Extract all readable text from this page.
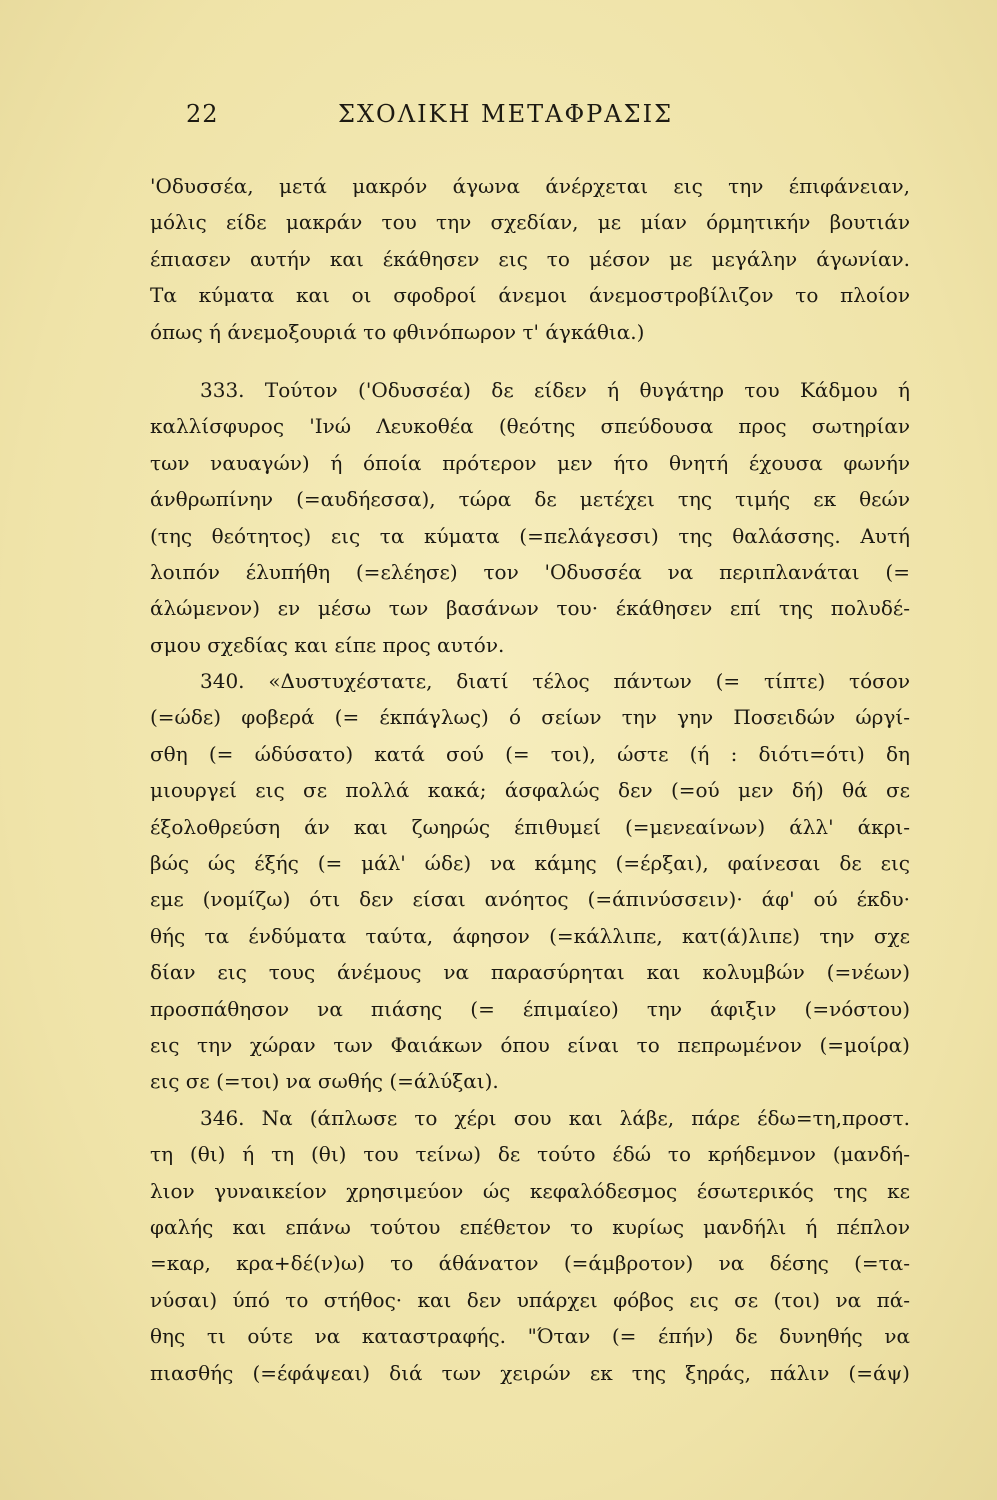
22	ΣΧΟΛΙΚΗ ΜΕΤΑΦΡΑΣΙΣ
'Οδυσσέα, μετά μακρόν άγωνα άνέρχεται εις την έπιφάνειαν,
μόλις είδε μακράν του την σχεδίαν, με μίαν όρμητικήν βουτιάν
έπιασεν αυτήν και έκάθησεν εις το μέσον με μεγάλην άγωνίαν.
Τα κύματα και οι σφοδροί άνεμοι άνεμοστροβίλιζον το πλοίον
όπως ή άνεμοξουριά το φθινόπωρον τ' άγκάθια.)
333. Τούτον ('Οδυσσέα) δε είδεν ή θυγάτηρ του Κάδμου ή
καλλίσφυρος 'Ινώ Λευκοθέα (θεότης σπεύδουσα προς σωτηρίαν
των ναυαγών) ή όποία πρότερον μεν ήτο θνητή έχουσα φωνήν
άνθρωπίνην (=αυδήεσσα), τώρα δε μετέχει της τιμής εκ θεών
(της θεότητος) εις τα κύματα (=πελάγεσσι) της θαλάσσης. Αυτή
λοιπόν έλυπήθη (=ελέησε) τον 'Οδυσσέα να περιπλανάται (=
άλώμενον) εν μέσω των βασάνων του· έκάθησεν επί της πολυδέ-
σμου σχεδίας και είπε προς αυτόν.
340. «Δυστυχέστατε, διατί τέλος πάντων (= τίπτε) τόσον
(=ώδε) φοβερά (= έκπάγλως) ό σείων την γην Ποσειδών ώργί-
σθη (= ώδύσατο) κατά σού (= τοι), ώστε (ή : διότι=ότι) δη
μιουργεί εις σε πολλά κακά; άσφαλώς δεν (=ού μεν δή) θά σε
έξολοθρεύση άν και ζωηρώς έπιθυμεί (=μενεαίνων) άλλ' άκρι-
βώς ώς έξής (= μάλ' ώδε) να κάμης (=έρξαι), φαίνεσαι δε εις
εμε (νομίζω) ότι δεν είσαι ανόητος (=άπινύσσειν)· άφ' ού έκδυ·
θής τα ένδύματα ταύτα, άφησον (=κάλλιπε, κατ(ά)λιπε) την σχε
δίαν εις τους άνέμους να παρασύρηται και κολυμβών (=νέων)
προσπάθησον να πιάσης (= έπιμαίεο) την άφιξιν (=νόστου)
εις την χώραν των Φαιάκων όπου είναι το πεπρωμένον (=μοίρα)
εις σε (=τοι) να σωθής (=άλύξαι).
346. Να (άπλωσε το χέρι σου και λάβε, πάρε έδω=τη,προστ.
τη (θι) ή τη (θι) του τείνω) δε τούτο έδώ το κρήδεμνον (μανδή-
λιον γυναικείον χρησιμεύον ώς κεφαλόδεσμος έσωτερικός της κε
φαλής και επάνω τούτου επέθετον το κυρίως μανδήλι ή πέπλον
=καρ, κρα+δέ(ν)ω) το άθάνατον (=άμβροτον) να δέσης (=τα-
νύσαι) ύπό το στήθος· και δεν υπάρχει φόβος εις σε (τοι) να πά-
θης τι ούτε να καταστραφής. "Όταν (= έπήν) δε δυνηθής να
πιασθής (=έφάψεαι) διά των χειρών εκ της ξηράς, πάλιν (=άψ)
